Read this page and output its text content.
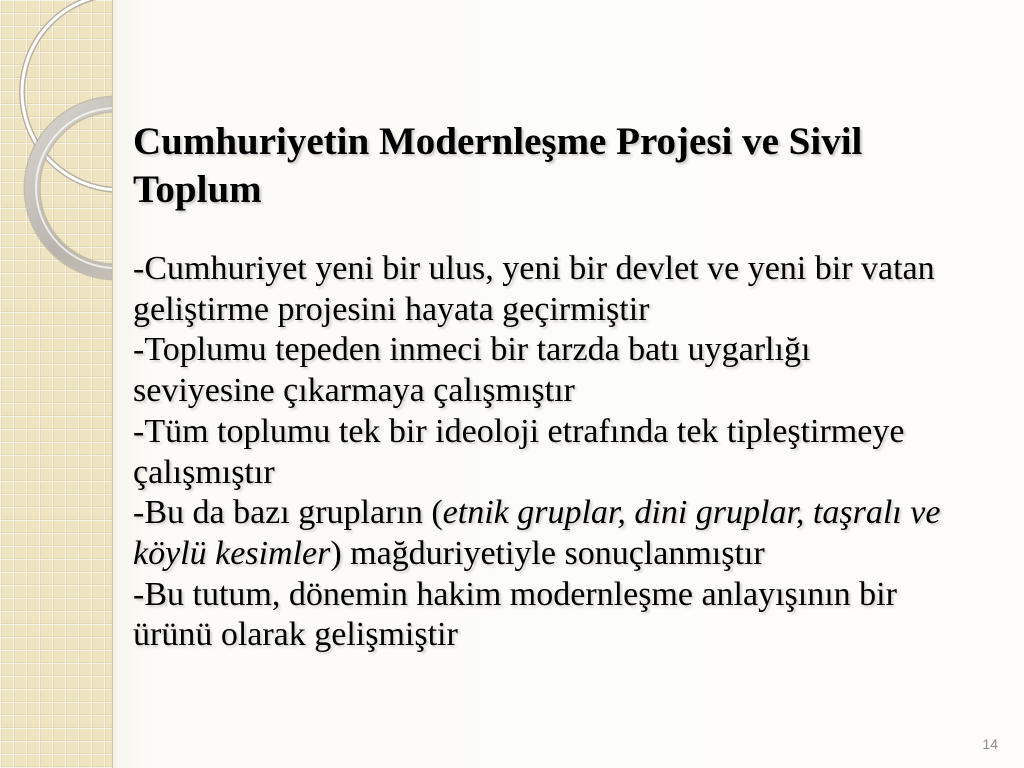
Cumhuriyetin Modernleşme Projesi ve Sivil Toplum
-Cumhuriyet yeni bir ulus, yeni bir devlet ve yeni bir vatan
geliştirme projesini hayata geçirmiştir
-Toplumu tepeden inmeci bir tarzda batı uygarlığı
seviyesine çıkarmaya çalışmıştır
-Tüm toplumu tek bir ideoloji etrafında tek tipleştirmeye
çalışmıştır
-Bu da bazı grupların (etnik gruplar, dini gruplar, taşralı ve
köylü kesimler) mağduriyetiyle sonuçlanmıştır
-Bu tutum, dönemin hakim modernleşme anlayışının bir
ürünü olarak gelişmiştir
14
